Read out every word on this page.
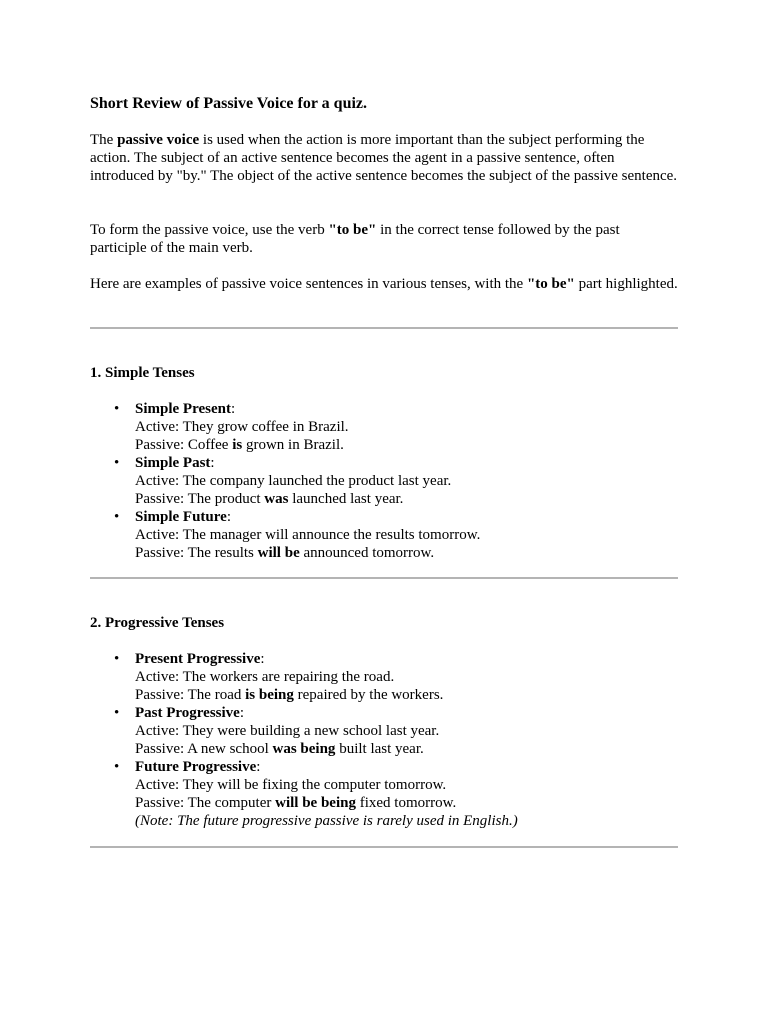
Short Review of Passive Voice for a quiz.

The passive voice is used when the action is more important than the subject performing the action. The subject of an active sentence becomes the agent in a passive sentence, often introduced by "by." The object of the active sentence becomes the subject of the passive sentence.

To form the passive voice, use the verb "to be" in the correct tense followed by the past participle of the main verb.

Here are examples of passive voice sentences in various tenses, with the "to be" part highlighted.

1. Simple Tenses
• Simple Present:
Active: They grow coffee in Brazil.
Passive: Coffee is grown in Brazil.
• Simple Past:
Active: The company launched the product last year.
Passive: The product was launched last year.
• Simple Future:
Active: The manager will announce the results tomorrow.
Passive: The results will be announced tomorrow.
2. Progressive Tenses
• Present Progressive:
Active: The workers are repairing the road.
Passive: The road is being repaired by the workers.
• Past Progressive:
Active: They were building a new school last year.
Passive: A new school was being built last year.
• Future Progressive:
Active: They will be fixing the computer tomorrow.
Passive: The computer will be being fixed tomorrow.
(Note: The future progressive passive is rarely used in English.)
